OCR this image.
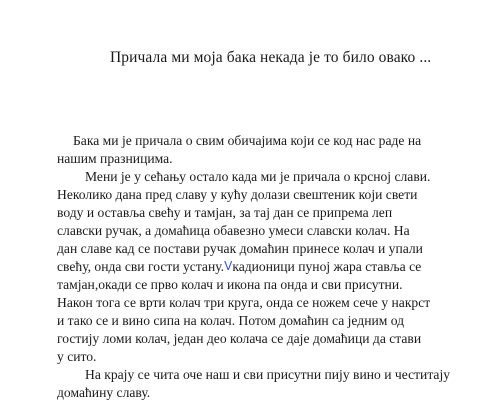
Причала ми моја бака некада је то било овако ...
Бака ми је причала о свим обичајима који се код нас раде на
нашим празницима.
Мени је у сећању остало када ми је причала о крсној слави.
Неколико дана пред славу у кућу долази свештеник који свети
воду и оставља свећу и тамјан, за тај дан се припрема леп
славски ручак, а домаћица обавезно умеси славски колач. На
дан славе кад се постави ручак домаћин принесе колач и упали
свећу, онда сви гости устану.Vкадионици пуној жара ставља се
тамјан,окади се прво колач и икона па онда и сви присутни.
Након тога се врти колач три круга, онда се ножем сече у накрст
и тако се и вино сипа на колач. Потом домаћин са једним од
гостију ломи колач, један део колача се даје домаћици да стави
у сито.
На крају се чита оче наш и сви присутни пију вино и честитају
домаћину славу.
